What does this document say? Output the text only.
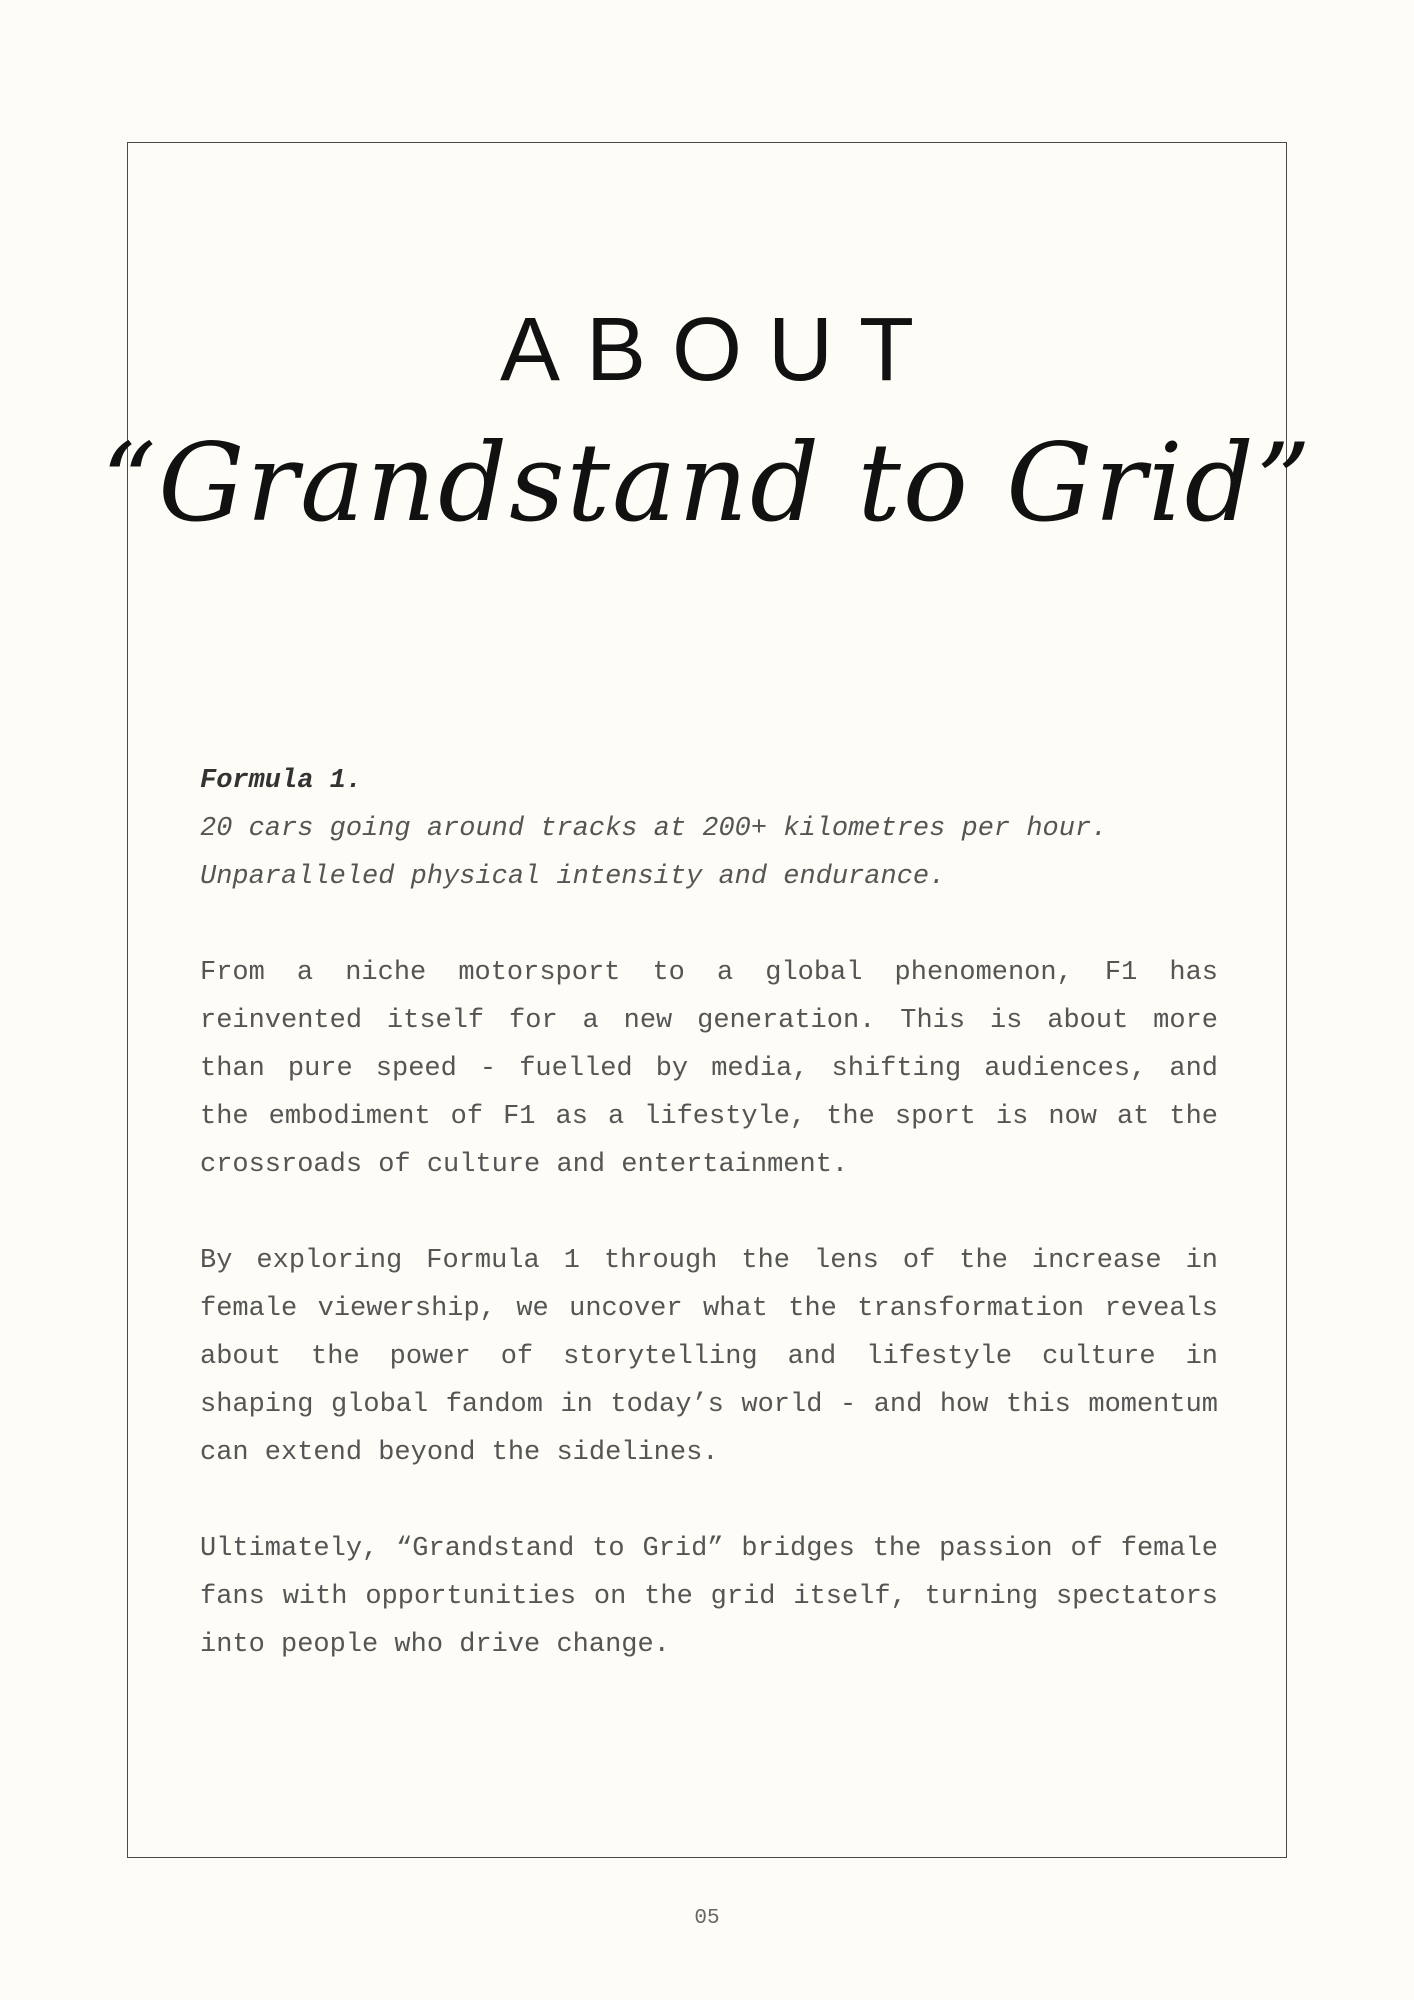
ABOUT
“Grandstand to Grid”
Formula 1.
20 cars going around tracks at 200+ kilometres per hour.
Unparalleled physical intensity and endurance.

From a niche motorsport to a global phenomenon, F1 has reinvented itself for a new generation. This is about more than pure speed - fuelled by media, shifting audiences, and the embodiment of F1 as a lifestyle, the sport is now at the crossroads of culture and entertainment.

By exploring Formula 1 through the lens of the increase in female viewership, we uncover what the transformation reveals about the power of storytelling and lifestyle culture in shaping global fandom in today’s world - and how this momentum can extend beyond the sidelines.

Ultimately, “Grandstand to Grid” bridges the passion of female fans with opportunities on the grid itself, turning spectators into people who drive change.

05
